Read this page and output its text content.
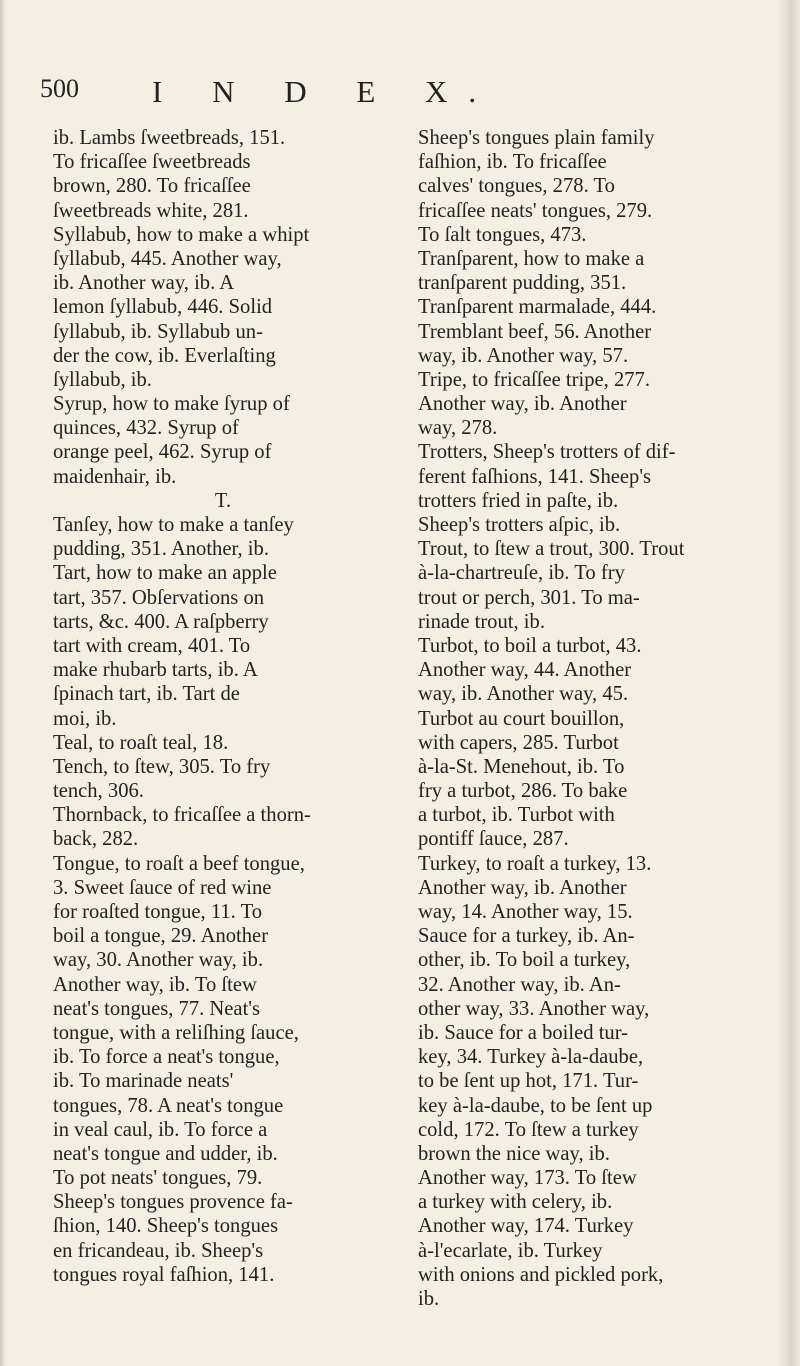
500 I N D E X.
ib. Lambs ſweetbreads, 151.
To fricaſſee ſweetbreads
brown, 280. To fricaſſee
ſweetbreads white, 281.
Syllabub, how to make a whipt
ſyllabub, 445. Another way,
ib. Another way, ib. A
lemon ſyllabub, 446. Solid
ſyllabub, ib. Syllabub un-
der the cow, ib. Everlaſting
ſyllabub, ib.
Syrup, how to make ſyrup of
quinces, 432. Syrup of
orange peel, 462. Syrup of
maidenhair, ib.
T.
Tanſey, how to make a tanſey
pudding, 351. Another, ib.
Tart, how to make an apple
tart, 357. Obſervations on
tarts, &c. 400. A raſpberry
tart with cream, 401. To
make rhubarb tarts, ib. A
ſpinach tart, ib. Tart de
moi, ib.
Teal, to roaſt teal, 18.
Tench, to ſtew, 305. To fry
tench, 306.
Thornback, to fricaſſee a thorn-
back, 282.
Tongue, to roaſt a beef tongue,
3. Sweet ſauce of red wine
for roaſted tongue, 11. To
boil a tongue, 29. Another
way, 30. Another way, ib.
Another way, ib. To ſtew
neat's tongues, 77. Neat's
tongue, with a reliſhing ſauce,
ib. To force a neat's tongue,
ib. To marinade neats'
tongues, 78. A neat's tongue
in veal caul, ib. To force a
neat's tongue and udder, ib.
To pot neats' tongues, 79.
Sheep's tongues provence fa-
ſhion, 140. Sheep's tongues
en fricandeau, ib. Sheep's
tongues royal faſhion, 141.
Sheep's tongues plain family
faſhion, ib. To fricaſſee
calves' tongues, 278. To
fricaſſee neats' tongues, 279.
To ſalt tongues, 473.
Tranſparent, how to make a
tranſparent pudding, 351.
Tranſparent marmalade, 444.
Tremblant beef, 56. Another
way, ib. Another way, 57.
Tripe, to fricaſſee tripe, 277.
Another way, ib. Another
way, 278.
Trotters, Sheep's trotters of dif-
ferent faſhions, 141. Sheep's
trotters fried in paſte, ib.
Sheep's trotters aſpic, ib.
Trout, to ſtew a trout, 300. Trout
à-la-chartreuſe, ib. To fry
trout or perch, 301. To ma-
rinade trout, ib.
Turbot, to boil a turbot, 43.
Another way, 44. Another
way, ib. Another way, 45.
Turbot au court bouillon,
with capers, 285. Turbot
à-la-St. Menehout, ib. To
fry a turbot, 286. To bake
a turbot, ib. Turbot with
pontiff ſauce, 287.
Turkey, to roaſt a turkey, 13.
Another way, ib. Another
way, 14. Another way, 15.
Sauce for a turkey, ib. An-
other, ib. To boil a turkey,
32. Another way, ib. An-
other way, 33. Another way,
ib. Sauce for a boiled tur-
key, 34. Turkey à-la-daube,
to be ſent up hot, 171. Tur-
key à-la-daube, to be ſent up
cold, 172. To ſtew a turkey
brown the nice way, ib.
Another way, 173. To ſtew
a turkey with celery, ib.
Another way, 174. Turkey
à-l'ecarlate, ib. Turkey
with onions and pickled pork,
ib.
